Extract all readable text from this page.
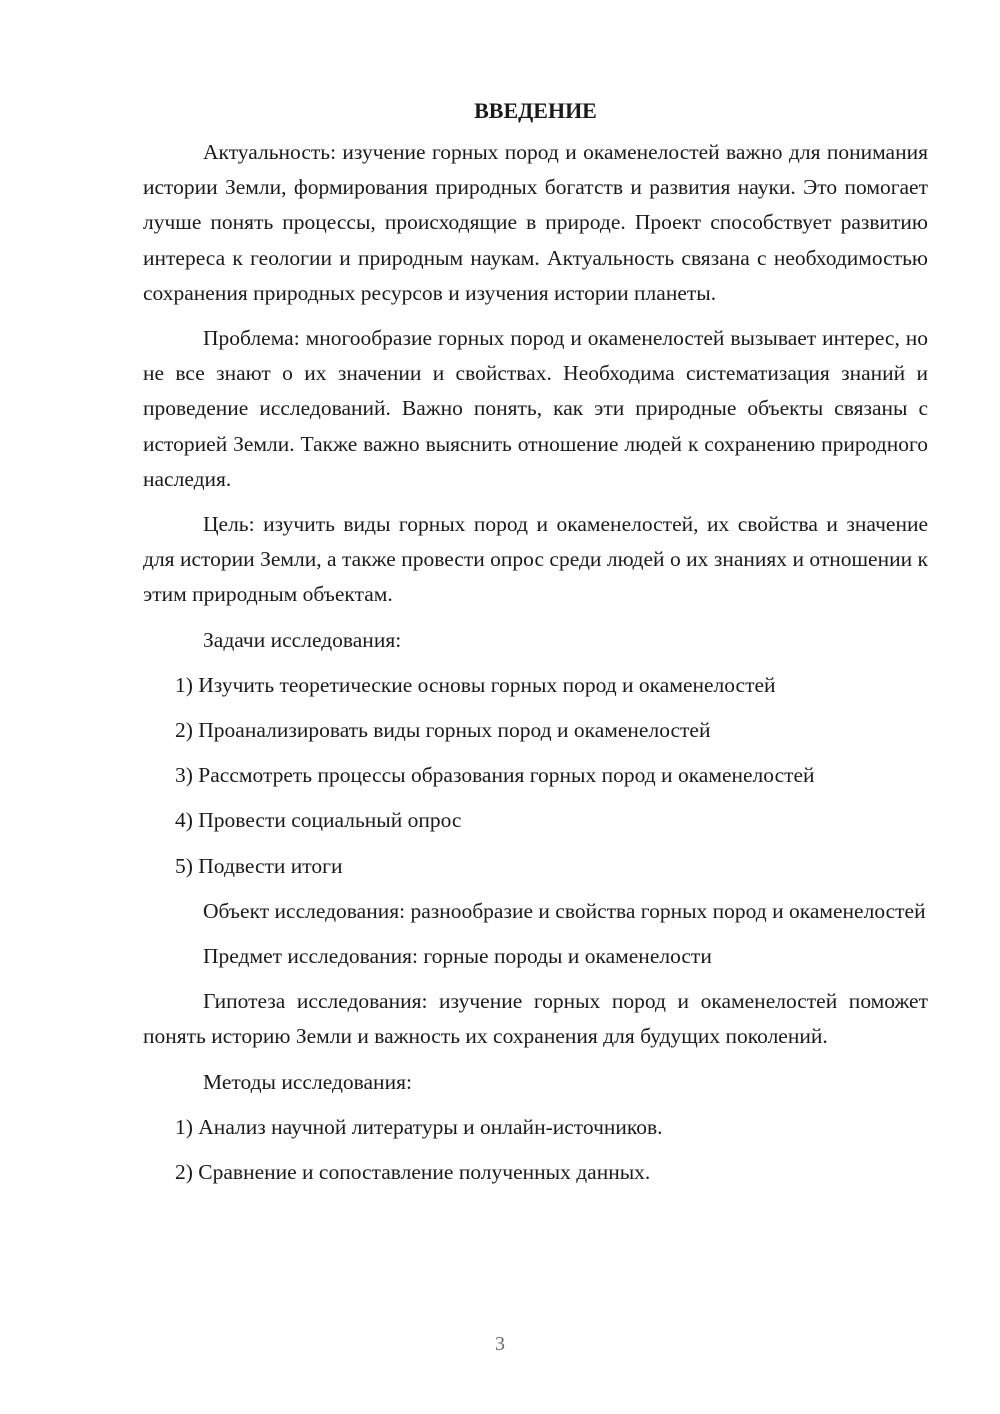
ВВЕДЕНИЕ

Актуальность: изучение горных пород и окаменелостей важно для понимания истории Земли, формирования природных богатств и развития науки. Это помогает лучше понять процессы, происходящие в природе. Проект способствует развитию интереса к геологии и природным наукам. Актуальность связана с необходимостью сохранения природных ресурсов и изучения истории планеты.

Проблема: многообразие горных пород и окаменелостей вызывает интерес, но не все знают о их значении и свойствах. Необходима систематизация знаний и проведение исследований. Важно понять, как эти природные объекты связаны с историей Земли. Также важно выяснить отношение людей к сохранению природного наследия.

Цель: изучить виды горных пород и окаменелостей, их свойства и значение для истории Земли, а также провести опрос среди людей о их знаниях и отношении к этим природным объектам.

Задачи исследования:

1) Изучить теоретические основы горных пород и окаменелостей
2) Проанализировать виды горных пород и окаменелостей
3) Рассмотреть процессы образования горных пород и окаменелостей
4) Провести социальный опрос
5) Подвести итоги

Объект исследования: разнообразие и свойства горных пород и окаменелостей

Предмет исследования: горные породы и окаменелости

Гипотеза исследования: изучение горных пород и окаменелостей поможет понять историю Земли и важность их сохранения для будущих поколений.

Методы исследования:

1) Анализ научной литературы и онлайн-источников.
2) Сравнение и сопоставление полученных данных.
3
